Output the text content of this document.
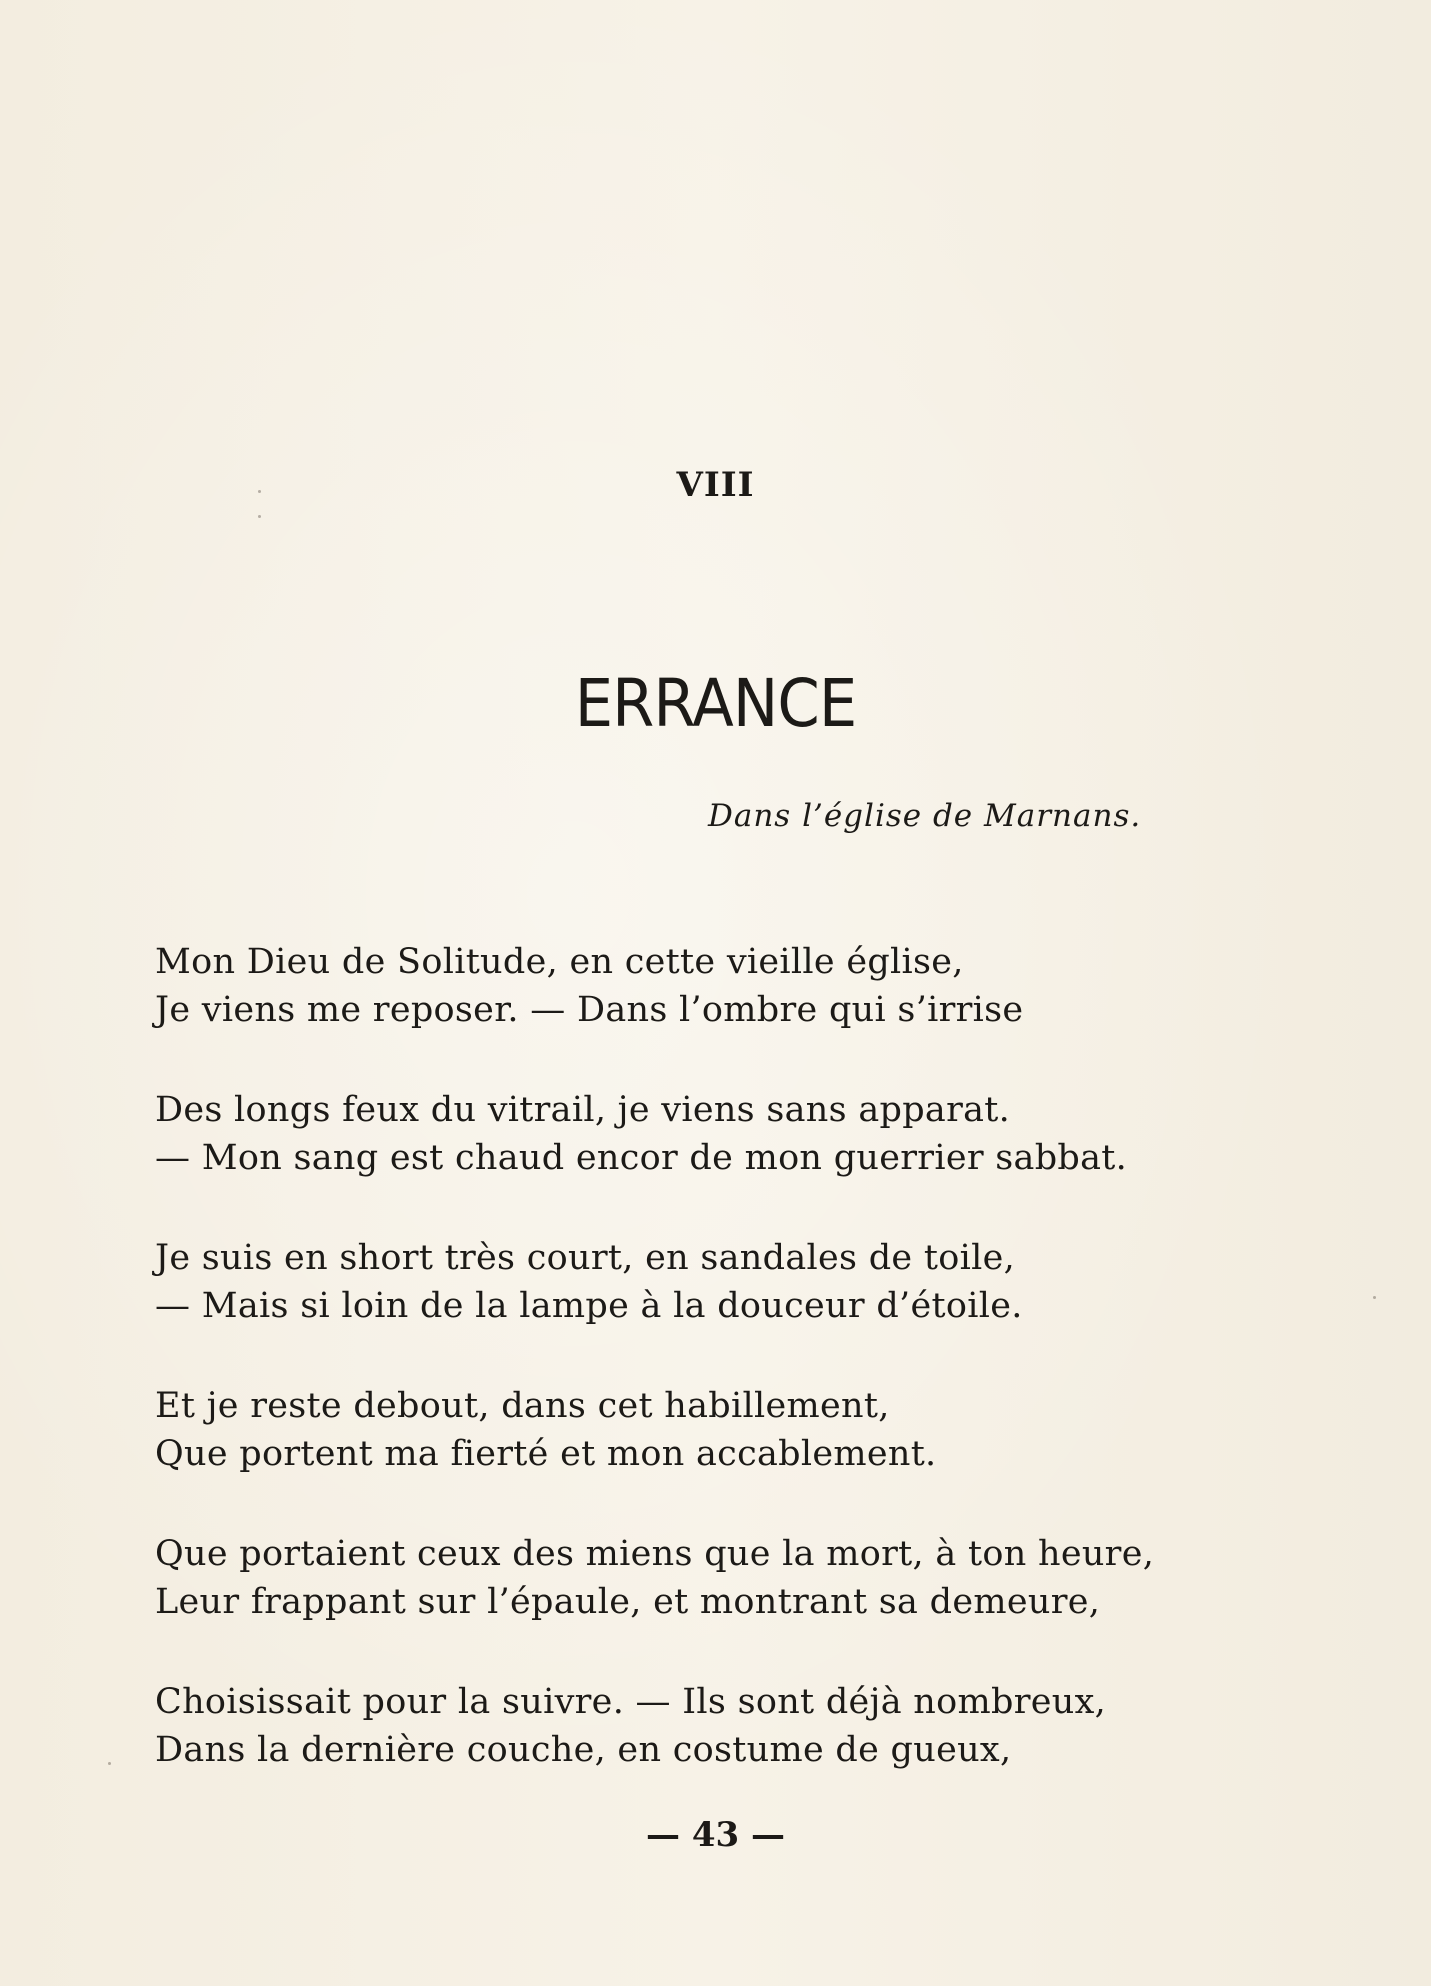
VIII
ERRANCE
Dans l’église de Marnans.
Mon Dieu de Solitude, en cette vieille église,
Je viens me reposer. — Dans l’ombre qui s’irrise
Des longs feux du vitrail, je viens sans apparat.
— Mon sang est chaud encor de mon guerrier sabbat.
Je suis en short très court, en sandales de toile,
— Mais si loin de la lampe à la douceur d’étoile.
Et je reste debout, dans cet habillement,
Que portent ma fierté et mon accablement.
Que portaient ceux des miens que la mort, à ton heure,
Leur frappant sur l’épaule, et montrant sa demeure,
Choisissait pour la suivre. — Ils sont déjà nombreux,
Dans la dernière couche, en costume de gueux,
— 43 —
